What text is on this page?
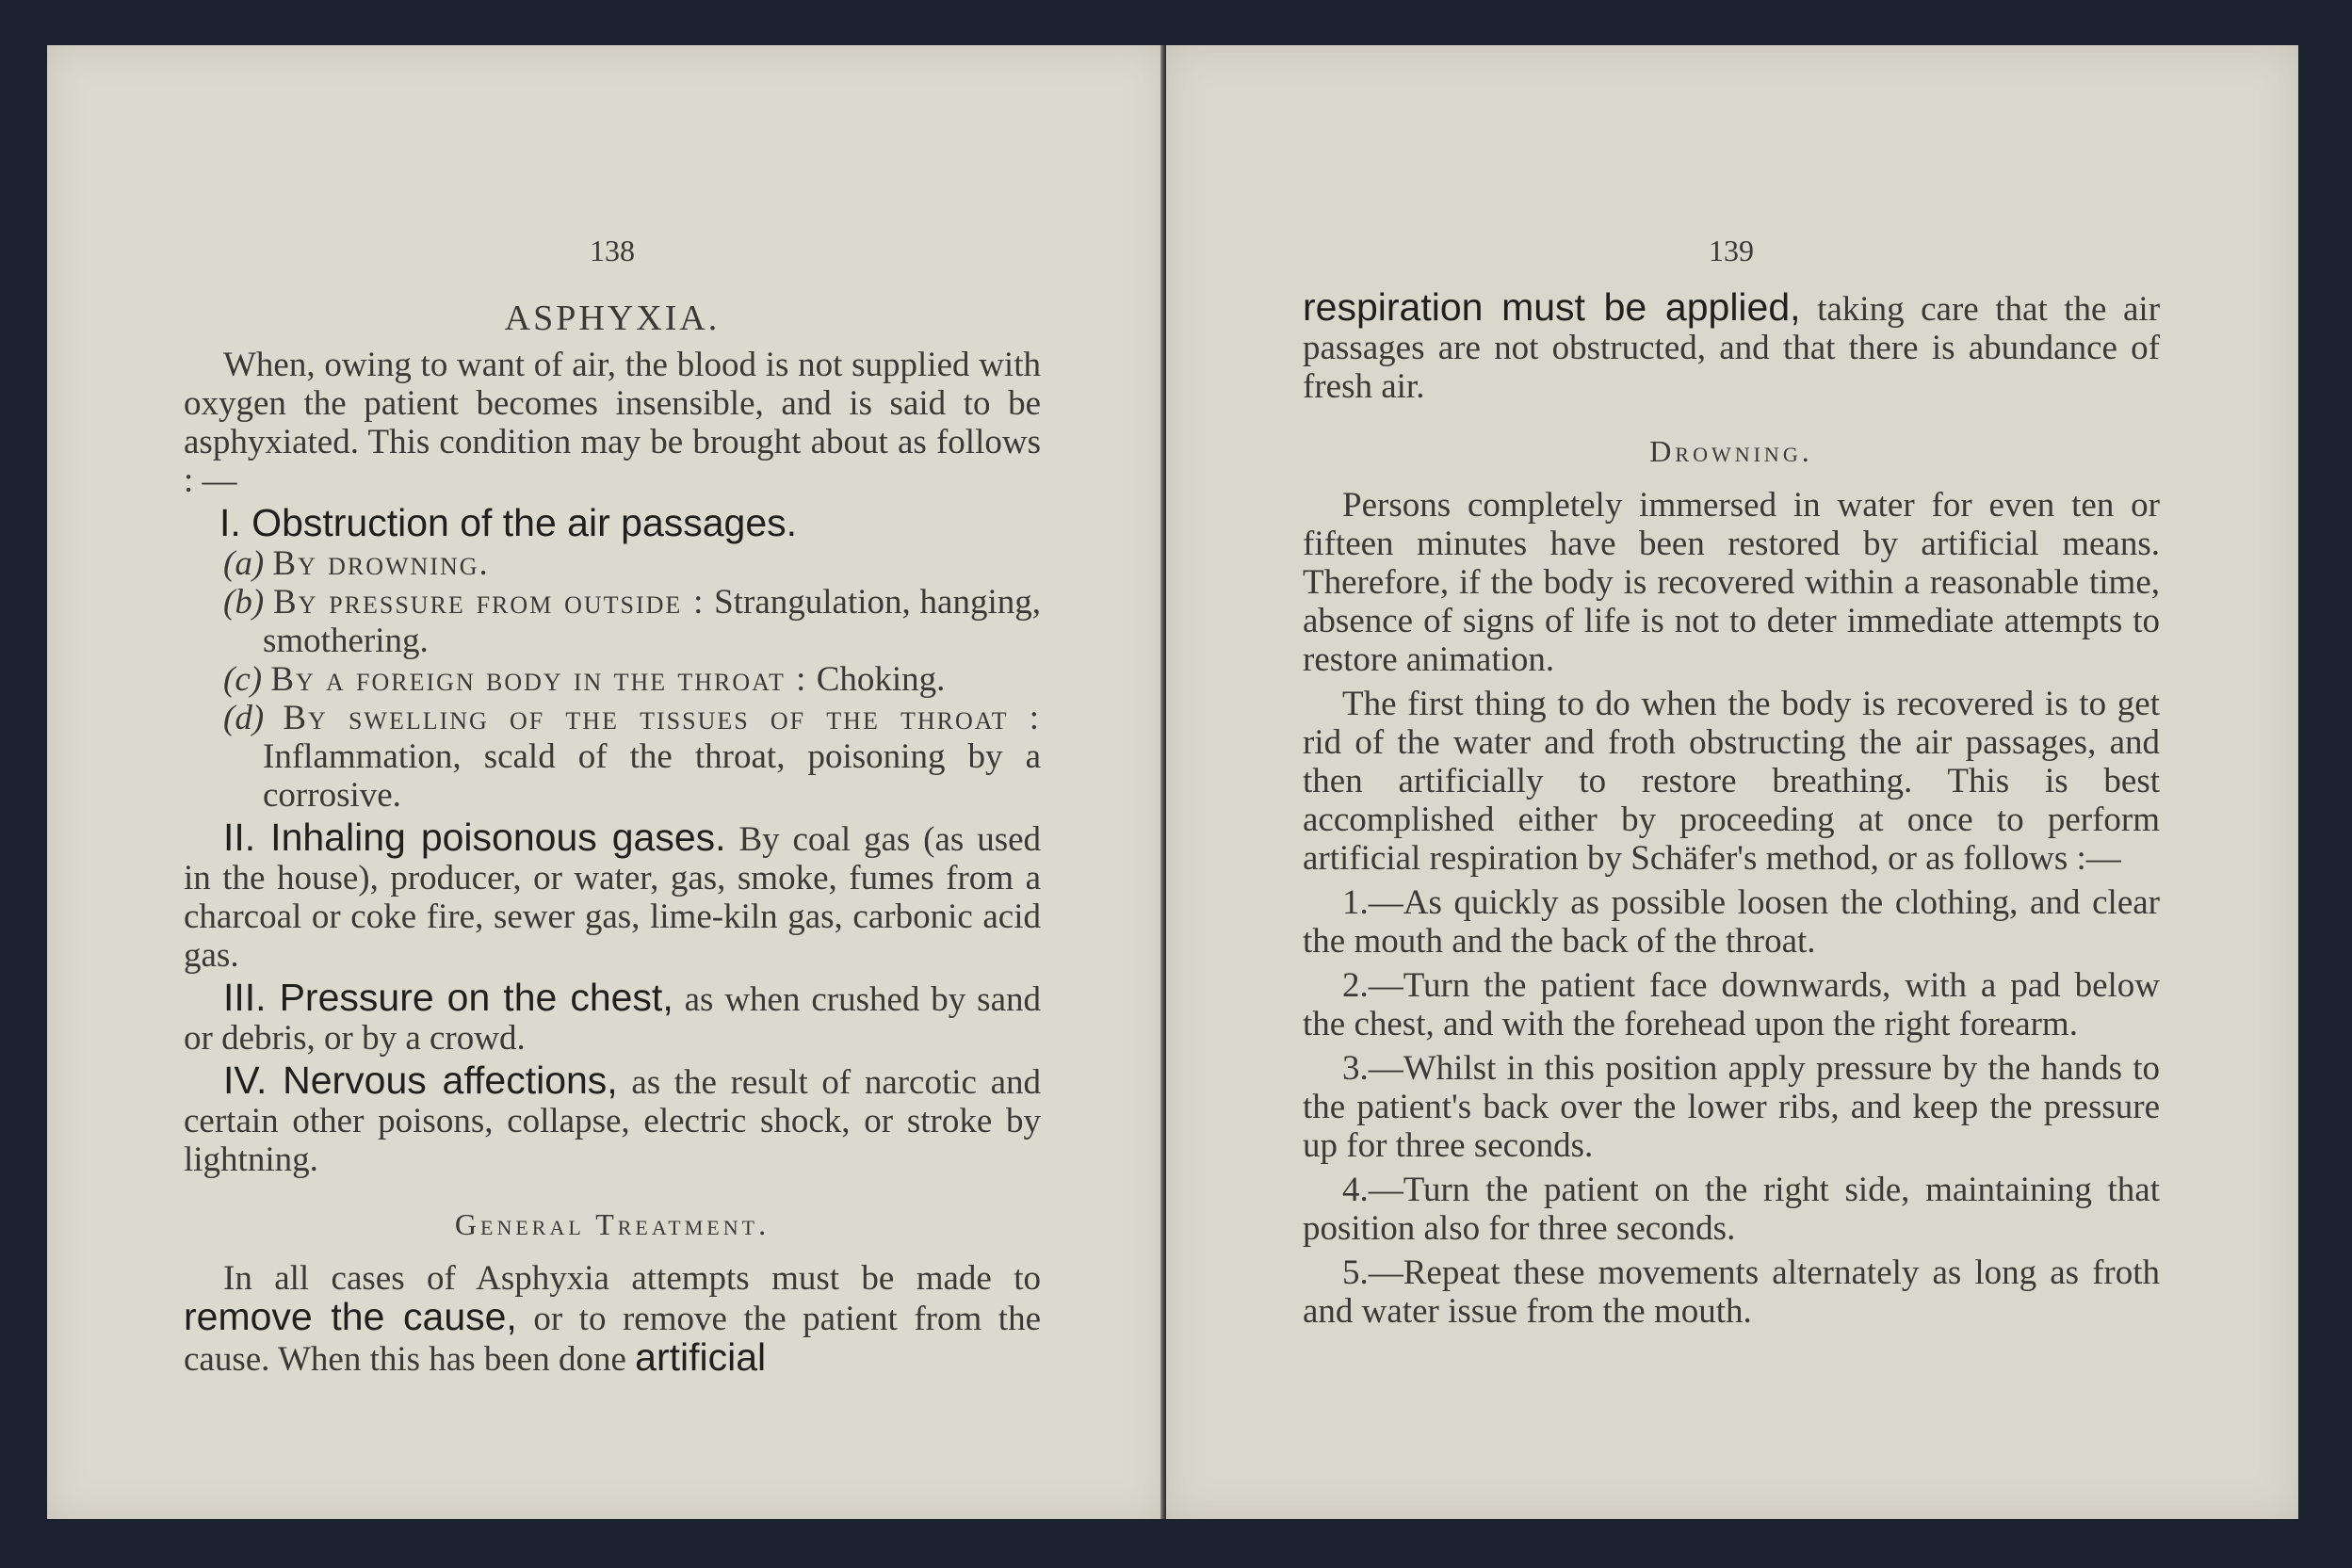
138

ASPHYXIA.

When, owing to want of air, the blood is not supplied with oxygen the patient becomes insensible, and is said to be asphyxiated. This condition may be brought about as follows : —

I. Obstruction of the air passages.

(a) By drowning.

(b) By pressure from outside : Strangulation, hanging, smothering.

(c) By a foreign body in the throat : Choking.

(d) By swelling of the tissues of the throat : Inflammation, scald of the throat, poisoning by a corrosive.

II. Inhaling poisonous gases. By coal gas (as used in the house), producer, or water, gas, smoke, fumes from a charcoal or coke fire, sewer gas, lime-kiln gas, carbonic acid gas.

III. Pressure on the chest, as when crushed by sand or debris, or by a crowd.

IV. Nervous affections, as the result of narcotic and certain other poisons, collapse, electric shock, or stroke by lightning.

General Treatment.

In all cases of Asphyxia attempts must be made to remove the cause, or to remove the patient from the cause. When this has been done artificial

139

respiration must be applied, taking care that the air passages are not obstructed, and that there is abundance of fresh air.

Drowning.

Persons completely immersed in water for even ten or fifteen minutes have been restored by artificial means. Therefore, if the body is recovered within a reasonable time, absence of signs of life is not to deter immediate attempts to restore animation.

The first thing to do when the body is recovered is to get rid of the water and froth obstructing the air passages, and then artificially to restore breathing. This is best accomplished either by proceeding at once to perform artificial respiration by Schäfer's method, or as follows :—

1.—As quickly as possible loosen the clothing, and clear the mouth and the back of the throat.

2.—Turn the patient face downwards, with a pad below the chest, and with the forehead upon the right forearm.

3.—Whilst in this position apply pressure by the hands to the patient's back over the lower ribs, and keep the pressure up for three seconds.

4.—Turn the patient on the right side, maintaining that position also for three seconds.

5.—Repeat these movements alternately as long as froth and water issue from the mouth.
